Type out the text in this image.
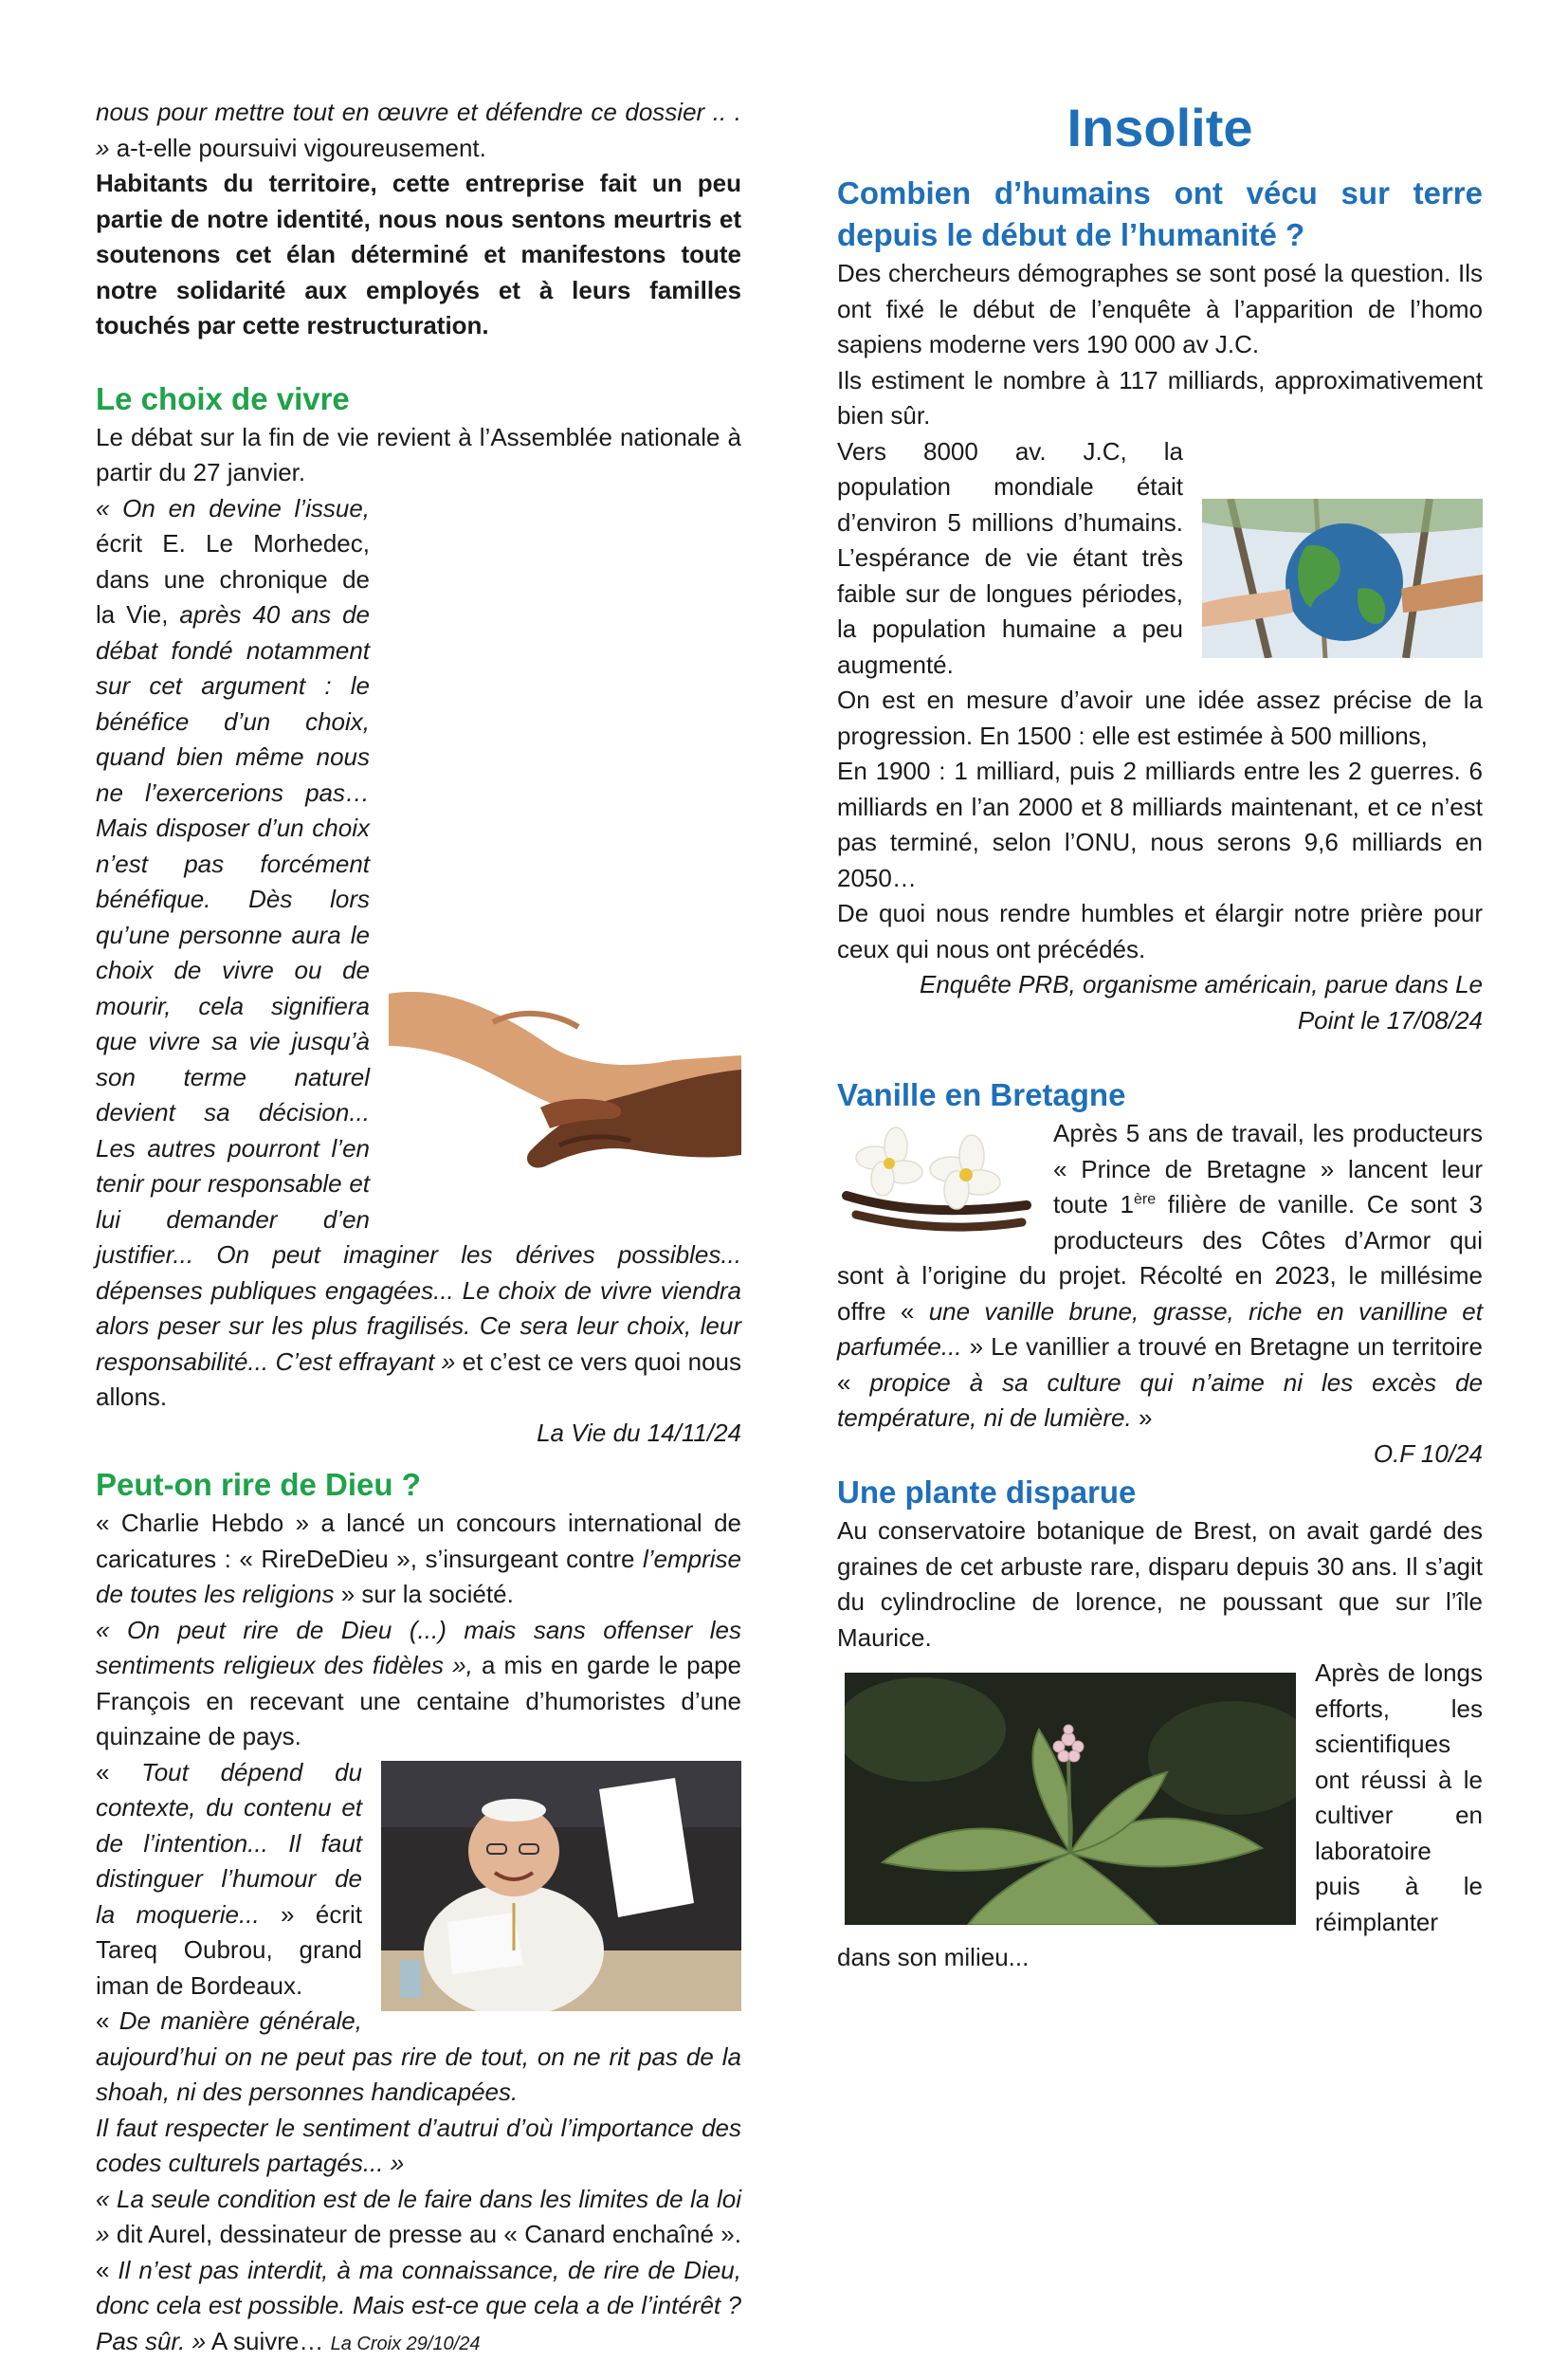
nous pour mettre tout en œuvre et défendre ce dossier .. . » a-t-elle poursuivi vigoureusement.

Habitants du territoire, cette entreprise fait un peu partie de notre identité, nous nous sentons meurtris et soutenons cet élan déterminé et manifestons toute notre solidarité aux employés et à leurs familles touchés par cette restructuration.

Le choix de vivre

Le débat sur la fin de vie revient à l’Assemblée nationale à partir du 27 janvier.

« On en devine l’issue, écrit E. Le Morhedec, dans une chronique de la Vie, après 40 ans de débat fondé notamment sur cet argument : le bénéfice d’un choix, quand bien même nous ne l’exercerions pas… Mais disposer d’un choix n’est pas forcément bénéfique. Dès lors qu’une personne aura le choix de vivre ou de mourir, cela signifiera que vivre sa vie jusqu’à son terme naturel devient sa décision... Les autres pourront l’en tenir pour responsable et lui demander d’en justifier... On peut imaginer les dérives possibles... dépenses publiques engagées... Le choix de vivre viendra alors peser sur les plus fragilisés. Ce sera leur choix, leur responsabilité... C’est effrayant » et c’est ce vers quoi nous allons.

La Vie du 14/11/24

Peut-on rire de Dieu ?

« Charlie Hebdo » a lancé un concours international de caricatures : « RireDeDieu », s’insurgeant contre l’emprise de toutes les religions » sur la société.

« On peut rire de Dieu (...) mais sans offenser les sentiments religieux des fidèles », a mis en garde le pape François en recevant une centaine d’humoristes d’une quinzaine de pays.

« Tout dépend du contexte, du contenu et de l’intention... Il faut distinguer l’humour de la moquerie... » écrit Tareq Oubrou, grand iman de Bordeaux.

« De manière générale, aujourd’hui on ne peut pas rire de tout, on ne rit pas de la shoah, ni des personnes handicapées.

Il faut respecter le sentiment d’autrui d’où l’importance des codes culturels partagés... »

« La seule condition est de le faire dans les limites de la loi » dit Aurel, dessinateur de presse au « Canard enchaîné ». « Il n’est pas interdit, à ma connaissance, de rire de Dieu, donc cela est possible. Mais est-ce que cela a de l’intérêt ? Pas sûr. » A suivre… La Croix 29/10/24

Insolite
Combien d’humains ont vécu sur terre depuis le début de l’humanité ?

Des chercheurs démographes se sont posé la question. Ils ont fixé le début de l’enquête à l’apparition de l’homo sapiens moderne vers 190 000 av J.C.

Ils estiment le nombre à 117 milliards, approximativement bien sûr.

Vers 8000 av. J.C, la population mondiale était d’environ 5 millions d’humains. L’espérance de vie étant très faible sur de longues périodes, la population humaine a peu augmenté.

On est en mesure d’avoir une idée assez précise de la progression. En 1500 : elle est estimée à 500 millions,

En 1900 : 1 milliard, puis 2 milliards entre les 2 guerres. 6 milliards en l’an 2000 et 8 milliards maintenant, et ce n’est pas terminé, selon l’ONU, nous serons 9,6 milliards en 2050…

De quoi nous rendre humbles et élargir notre prière pour ceux qui nous ont précédés.

Enquête PRB, organisme américain, parue dans Le Point le 17/08/24

Vanille en Bretagne

Après 5 ans de travail, les producteurs « Prince de Bretagne » lancent leur toute 1ère filière de vanille. Ce sont 3 producteurs des Côtes d’Armor qui sont à l’origine du projet. Récolté en 2023, le millésime offre « une vanille brune, grasse, riche en vanilline et parfumée... » Le vanillier a trouvé en Bretagne un territoire « propice à sa culture qui n’aime ni les excès de température, ni de lumière. »

O.F 10/24

Une plante disparue

Au conservatoire botanique de Brest, on avait gardé des graines de cet arbuste rare, disparu depuis 30 ans. Il s’agit du cylindrocline de lorence, ne poussant que sur l’île Maurice.

Après de longs efforts, les scientifiques ont réussi à le cultiver en laboratoire puis à le réimplanter dans son milieu...
